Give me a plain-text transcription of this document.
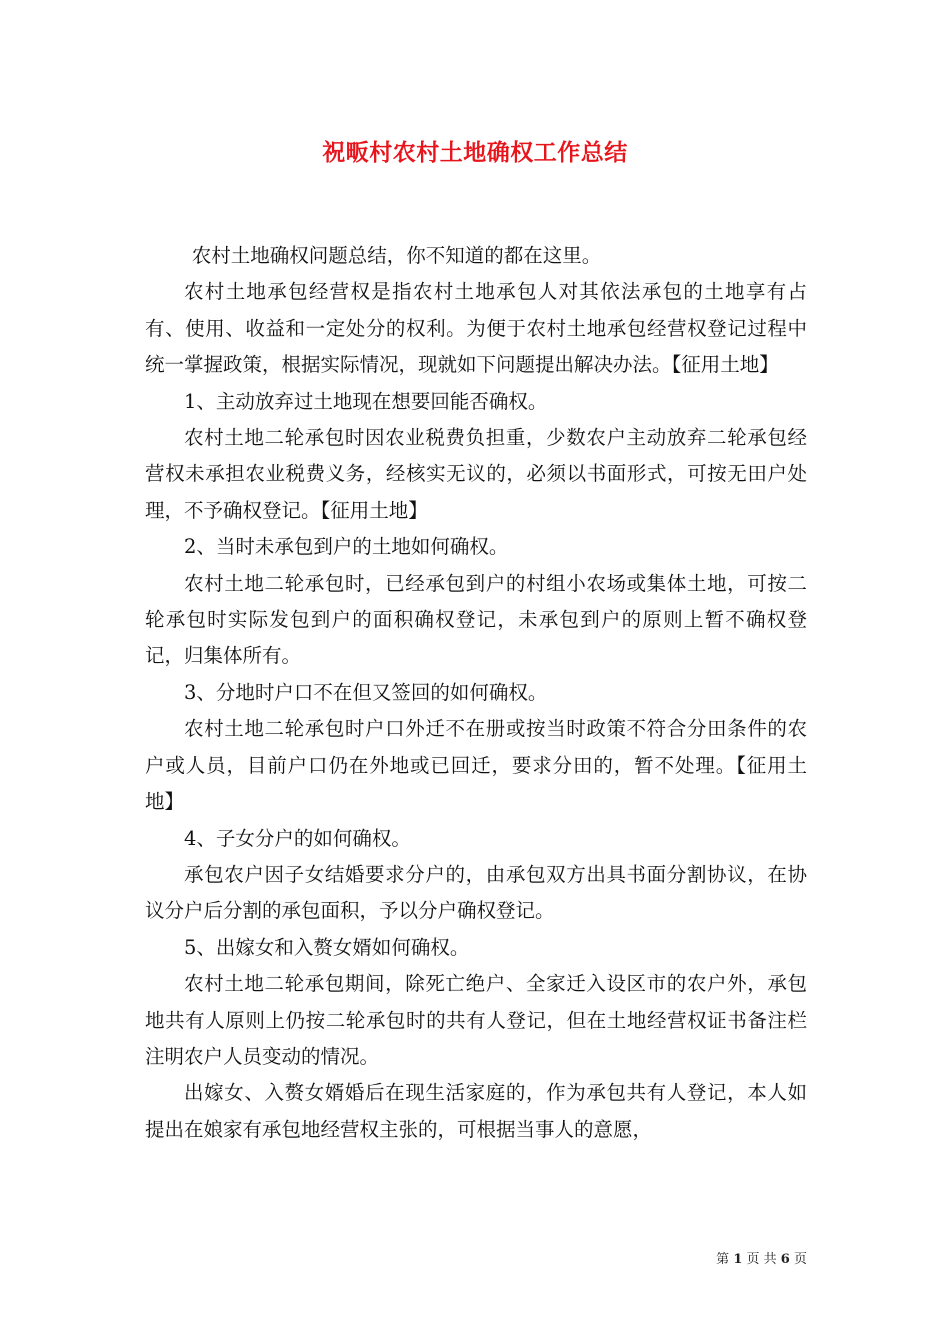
祝畈村农村土地确权工作总结

农村土地确权问题总结，你不知道的都在这里。

农村土地承包经营权是指农村土地承包人对其依法承包的土地享有占有、使用、收益和一定处分的权利。为便于农村土地承包经营权登记过程中统一掌握政策，根据实际情况，现就如下问题提出解决办法。【征用土地】

1、主动放弃过土地现在想要回能否确权。

农村土地二轮承包时因农业税费负担重，少数农户主动放弃二轮承包经营权未承担农业税费义务，经核实无议的，必须以书面形式，可按无田户处理，不予确权登记。【征用土地】

2、当时未承包到户的土地如何确权。

农村土地二轮承包时，已经承包到户的村组小农场或集体土地，可按二轮承包时实际发包到户的面积确权登记，未承包到户的原则上暂不确权登记，归集体所有。

3、分地时户口不在但又签回的如何确权。

农村土地二轮承包时户口外迁不在册或按当时政策不符合分田条件的农户或人员，目前户口仍在外地或已回迁，要求分田的，暂不处理。【征用土地】

4、子女分户的如何确权。

承包农户因子女结婚要求分户的，由承包双方出具书面分割协议，在协议分户后分割的承包面积，予以分户确权登记。

5、出嫁女和入赘女婿如何确权。

农村土地二轮承包期间，除死亡绝户、全家迁入设区市的农户外，承包地共有人原则上仍按二轮承包时的共有人登记，但在土地经营权证书备注栏注明农户人员变动的情况。

出嫁女、入赘女婿婚后在现生活家庭的，作为承包共有人登记，本人如提出在娘家有承包地经营权主张的，可根据当事人的意愿，

第 1 页 共 6 页
